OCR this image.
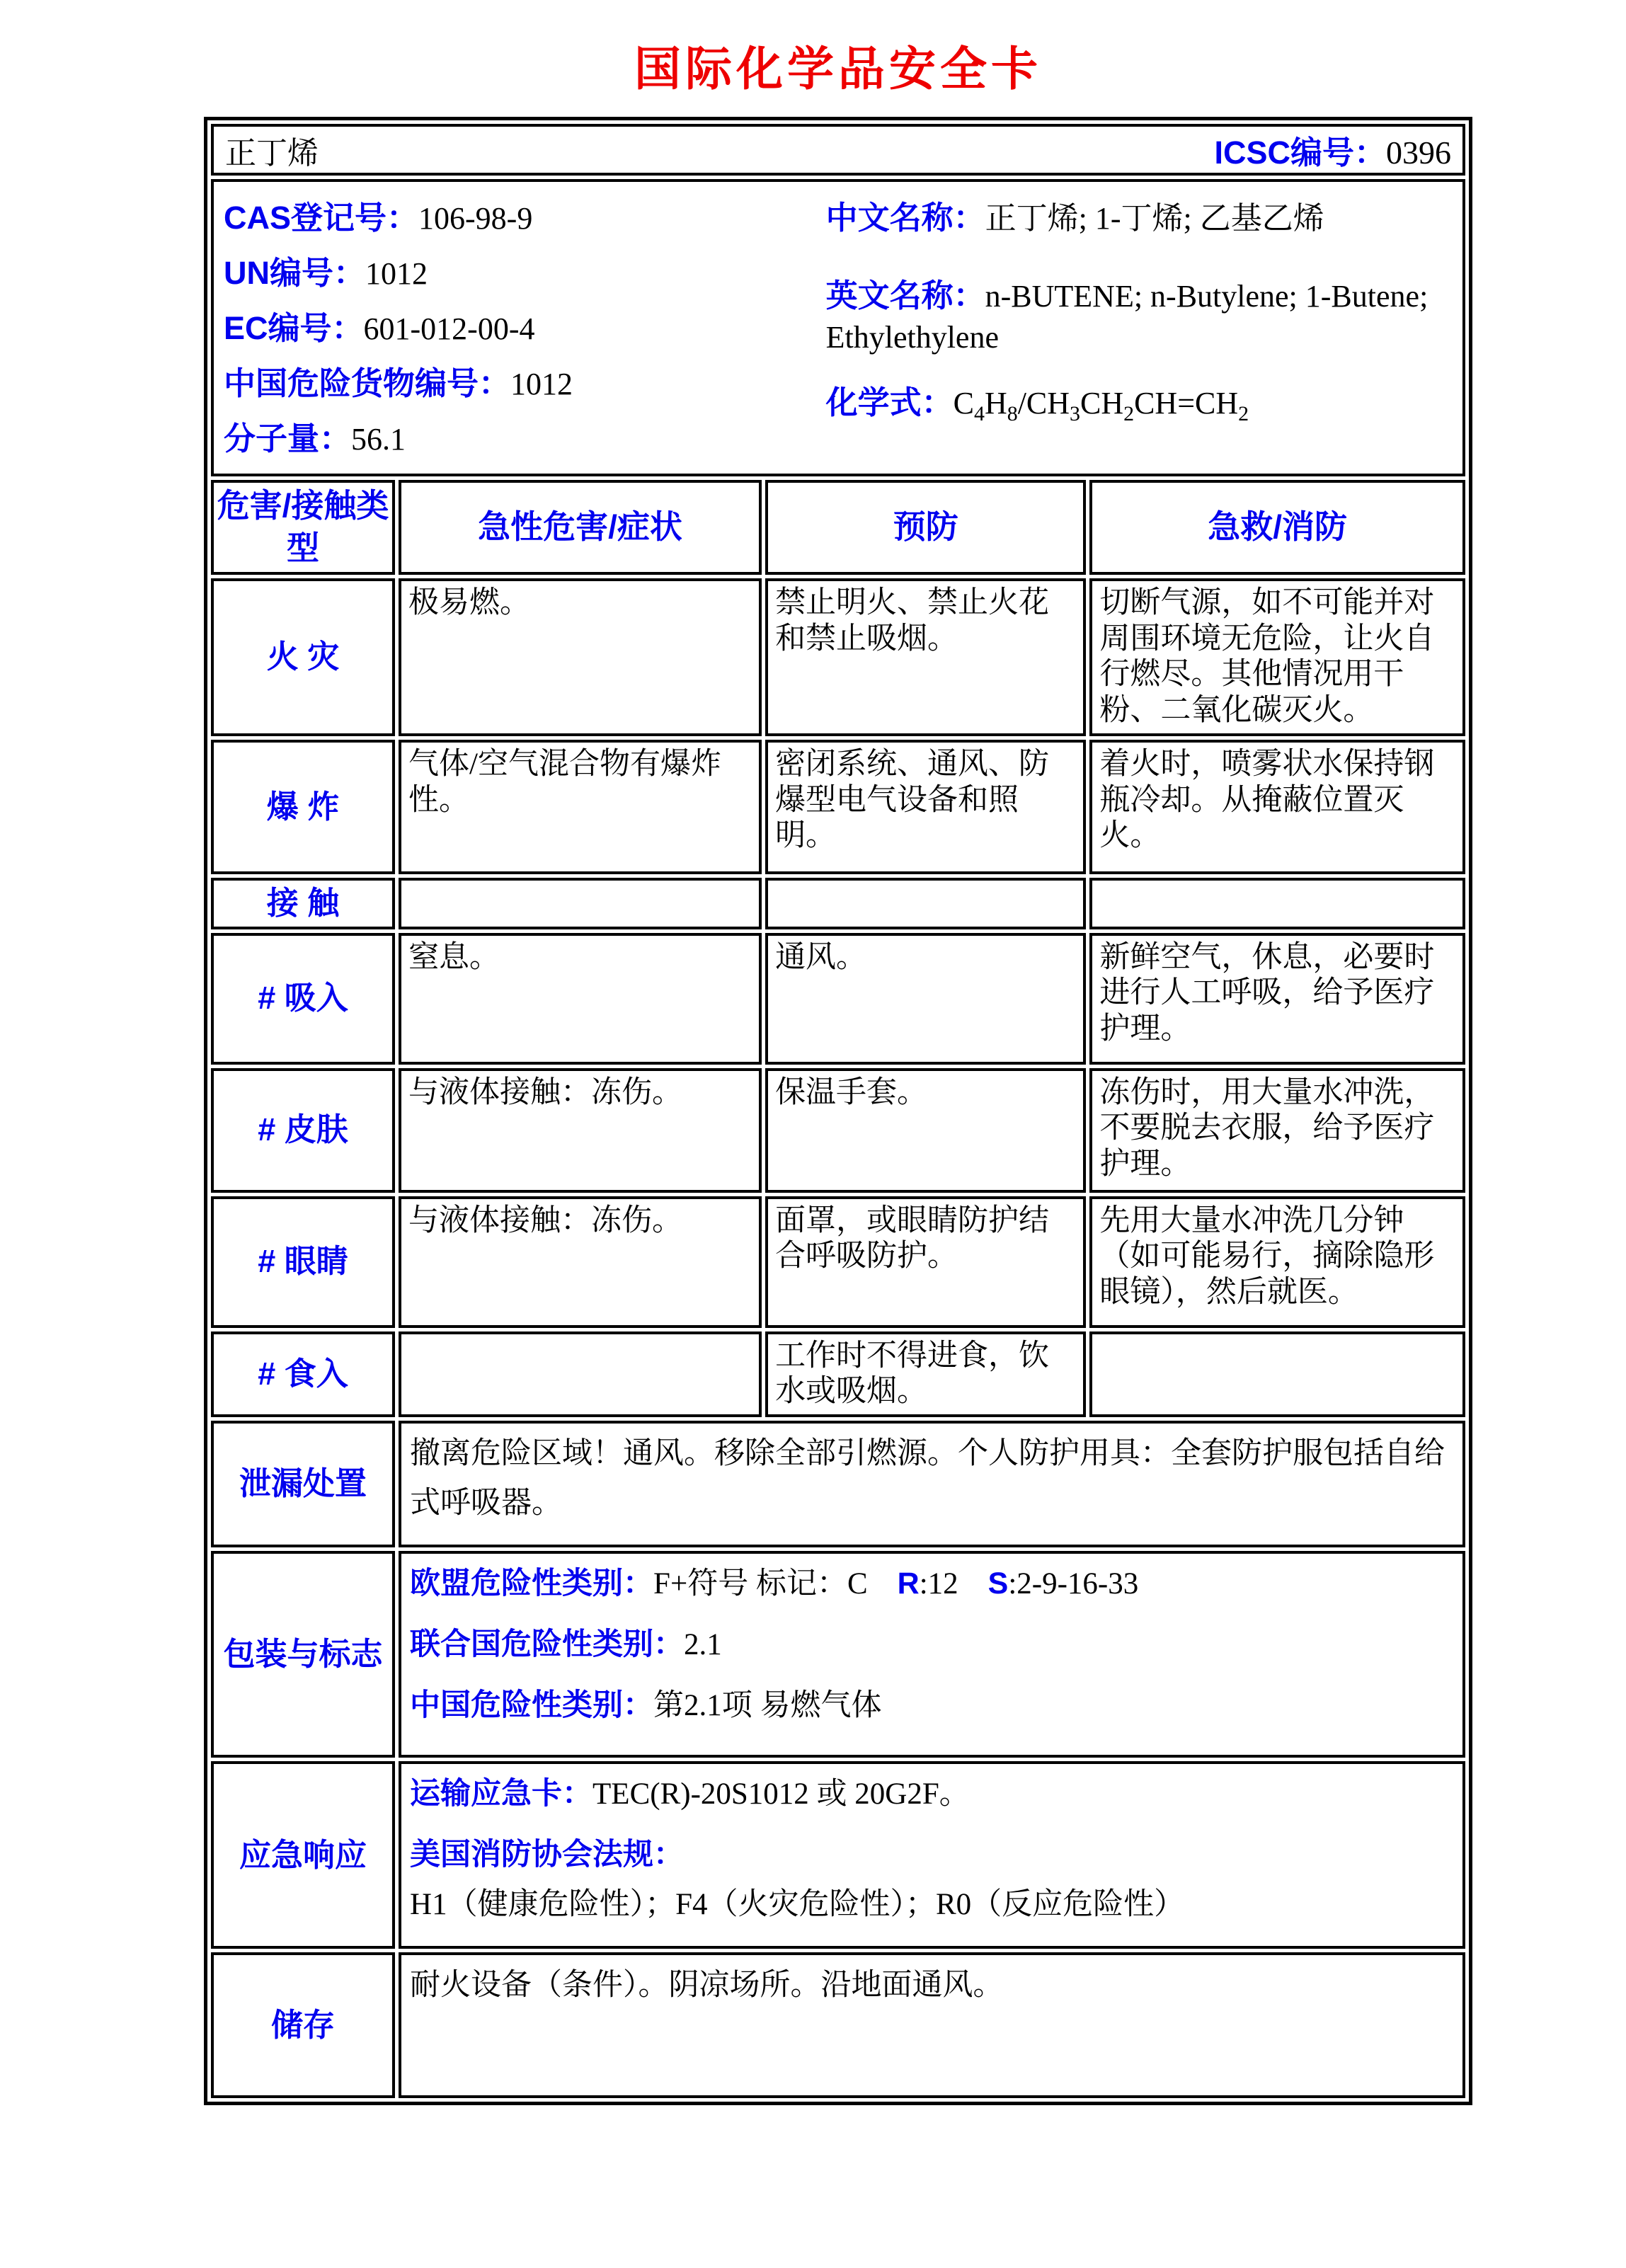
国际化学品安全卡
正丁烯 ICSC编号：0396			

CAS登记号：106-98-9
UN编号：1012
EC编号：601-012-00-4
中国危险货物编号：1012
分子量：56.1
中文名称：正丁烯; 1-丁烯; 乙基乙烯
英文名称：n-BUTENE; n-Butylene; 1-Butene; Ethylethylene
化学式：$C_4H_8/CH_3CH_2CH=CH_2$

危害/接触类型	急性危害/症状	预防	急救/消防
火 灾	极易燃。	禁止明火、禁止火花和禁止吸烟。	切断气源，如不可能并对周围环境无危险，让火自行燃尽。其他情况用干粉、二氧化碳灭火。
爆 炸	气体/空气混合物有爆炸性。	密闭系统、通风、防爆型电气设备和照明。	着火时，喷雾状水保持钢瓶冷却。从掩蔽位置灭火。
接 触			
# 吸入	窒息。	通风。	新鲜空气，休息，必要时进行人工呼吸，给予医疗护理。
# 皮肤	与液体接触：冻伤。	保温手套。	冻伤时，用大量水冲洗，不要脱去衣服，给予医疗护理。
# 眼睛	与液体接触：冻伤。	面罩，或眼睛防护结合呼吸防护。	先用大量水冲洗几分钟（如可能易行，摘除隐形眼镜），然后就医。
# 食入		工作时不得进食，饮水或吸烟。	
泄漏处置	撤离危险区域！通风。移除全部引燃源。个人防护用具：全套防护服包括自给式呼吸器。		

包装与标志	欧盟危险性类别：F+符号 标记：C R:12 S:2-9-16-33
联合国危险性类别：2.1
中国危险性类别：第2.1项 易燃气体		

应急响应	运输应急卡：TEC(R)-20S1012 或 20G2F。
美国消防协会法规：H1（健康危险性）；F4（火灾危险性）；R0（反应危险性）		

储存	耐火设备（条件）。阴凉场所。沿地面通风。		
